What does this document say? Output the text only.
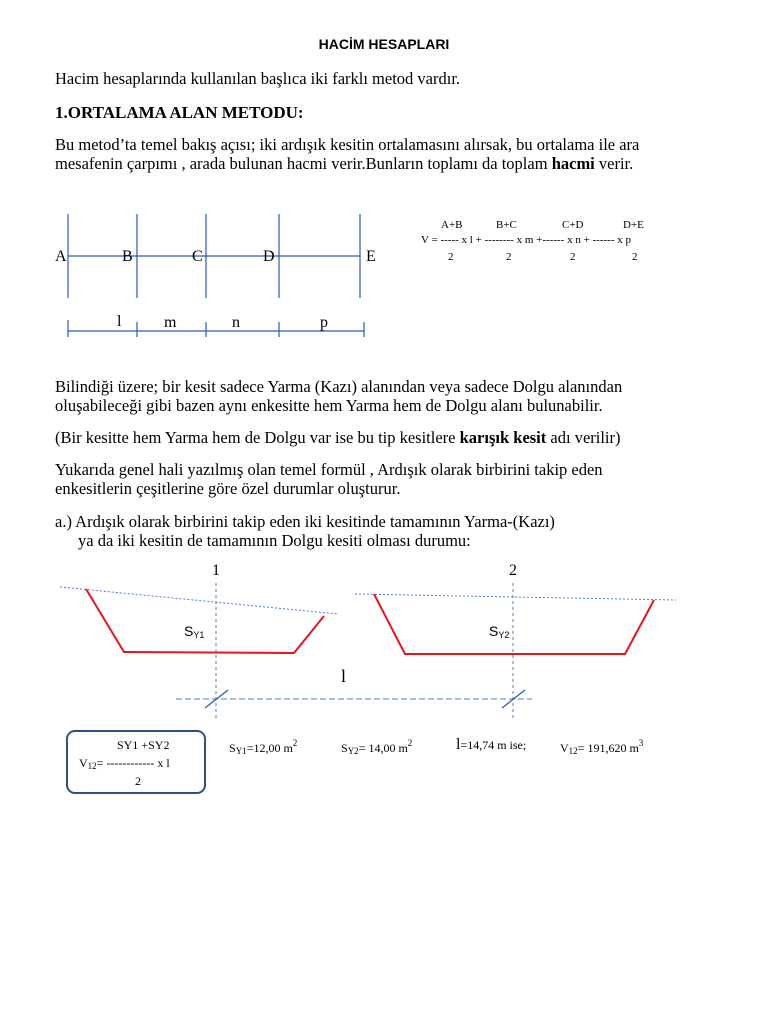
HACİM HESAPLARI
Hacim hesaplarında kullanılan başlıca iki farklı metod vardır.
1.ORTALAMA ALAN METODU:
Bu metod’ta temel bakış açısı; iki ardışık kesitin ortalamasını alırsak, bu ortalama ile ara
mesafenin çarpımı , arada bulunan hacmi verir.Bunların toplamı da toplam hacmi verir.
A	B	C	D	E
l	m	n	p
A+B	B+C	C+D	D+E
V = ----- x l + -------- x m +------ x n + ------ x p
2	2	2	2
Bilindiği üzere; bir kesit sadece Yarma (Kazı) alanından veya sadece Dolgu alanından
oluşabileceği gibi bazen aynı enkesitte hem Yarma hem de Dolgu alanı bulunabilir.
(Bir kesitte hem Yarma hem de Dolgu var ise bu tip kesitlere karışık kesit adı verilir)
Yukarıda genel hali yazılmış olan temel formül , Ardışık olarak birbirini takip eden
enkesitlerin çeşitlerine göre özel durumlar oluşturur.
a.) Ardışık olarak birbirini takip eden iki kesitinde tamamının Yarma-(Kazı)
ya da iki kesitin de tamamının Dolgu kesiti olması durumu:
1	2
$S_{Y1}$	$S_{Y2}$
l
SY1 +SY2
$V_{12}=$ ------------ x l
2
$S_{Y1}=12,00$ $m^2$	$S_{Y2}= 14,00$ $m^2$	l=14,74 m ise;	$V_{12}= 191,620$ $m^3$
